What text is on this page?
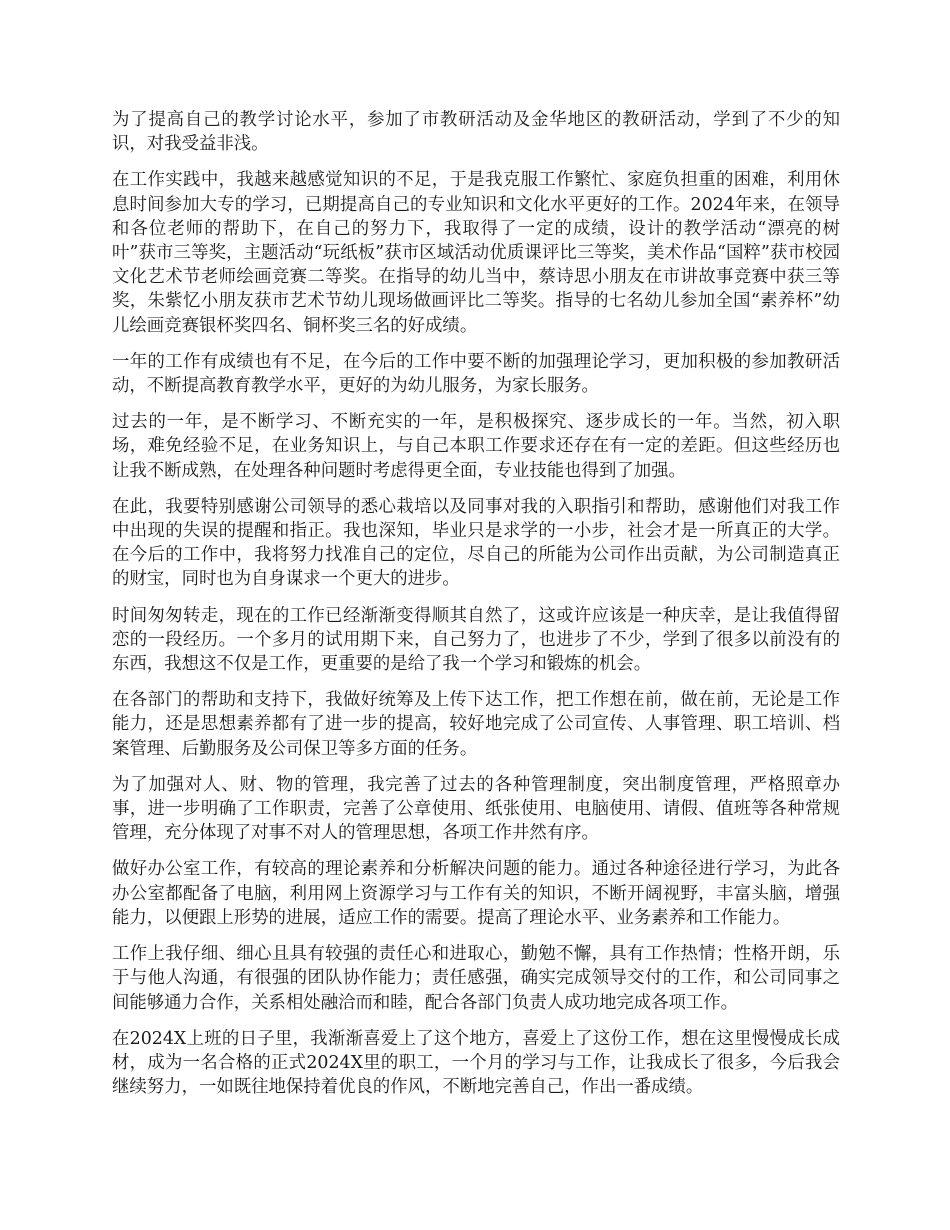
为了提高自己的教学讨论水平，参加了市教研活动及金华地区的教研活动，学到了不少的知识，对我受益非浅。

在工作实践中，我越来越感觉知识的不足，于是我克服工作繁忙、家庭负担重的困难，利用休息时间参加大专的学习，已期提高自己的专业知识和文化水平更好的工作。2024年来，在领导和各位老师的帮助下，在自己的努力下，我取得了一定的成绩，设计的教学活动“漂亮的树叶”获市三等奖，主题活动“玩纸板”获市区域活动优质课评比三等奖，美术作品“国粹”获市校园文化艺术节老师绘画竞赛二等奖。在指导的幼儿当中，蔡诗思小朋友在市讲故事竞赛中获三等奖，朱紫忆小朋友获市艺术节幼儿现场做画评比二等奖。指导的七名幼儿参加全国“素养杯”幼儿绘画竞赛银杯奖四名、铜杯奖三名的好成绩。

一年的工作有成绩也有不足，在今后的工作中要不断的加强理论学习，更加积极的参加教研活动，不断提高教育教学水平，更好的为幼儿服务，为家长服务。

过去的一年，是不断学习、不断充实的一年，是积极探究、逐步成长的一年。当然，初入职场，难免经验不足，在业务知识上，与自己本职工作要求还存在有一定的差距。但这些经历也让我不断成熟，在处理各种问题时考虑得更全面，专业技能也得到了加强。

在此，我要特别感谢公司领导的悉心栽培以及同事对我的入职指引和帮助，感谢他们对我工作中出现的失误的提醒和指正。我也深知，毕业只是求学的一小步，社会才是一所真正的大学。在今后的工作中，我将努力找准自己的定位，尽自己的所能为公司作出贡献，为公司制造真正的财宝，同时也为自身谋求一个更大的进步。

时间匆匆转走，现在的工作已经渐渐变得顺其自然了，这或许应该是一种庆幸，是让我值得留恋的一段经历。一个多月的试用期下来，自己努力了，也进步了不少，学到了很多以前没有的东西，我想这不仅是工作，更重要的是给了我一个学习和锻炼的机会。

在各部门的帮助和支持下，我做好统筹及上传下达工作，把工作想在前，做在前，无论是工作能力，还是思想素养都有了进一步的提高，较好地完成了公司宣传、人事管理、职工培训、档案管理、后勤服务及公司保卫等多方面的任务。

为了加强对人、财、物的管理，我完善了过去的各种管理制度，突出制度管理，严格照章办事，进一步明确了工作职责，完善了公章使用、纸张使用、电脑使用、请假、值班等各种常规管理，充分体现了对事不对人的管理思想，各项工作井然有序。

做好办公室工作，有较高的理论素养和分析解决问题的能力。通过各种途径进行学习，为此各办公室都配备了电脑，利用网上资源学习与工作有关的知识，不断开阔视野，丰富头脑，增强能力，以便跟上形势的进展，适应工作的需要。提高了理论水平、业务素养和工作能力。

工作上我仔细、细心且具有较强的责任心和进取心，勤勉不懈，具有工作热情；性格开朗，乐于与他人沟通，有很强的团队协作能力；责任感强，确实完成领导交付的工作，和公司同事之间能够通力合作，关系相处融洽而和睦，配合各部门负责人成功地完成各项工作。

在2024X上班的日子里，我渐渐喜爱上了这个地方，喜爱上了这份工作，想在这里慢慢成长成材，成为一名合格的正式2024X里的职工，一个月的学习与工作，让我成长了很多，今后我会继续努力，一如既往地保持着优良的作风，不断地完善自己，作出一番成绩。
